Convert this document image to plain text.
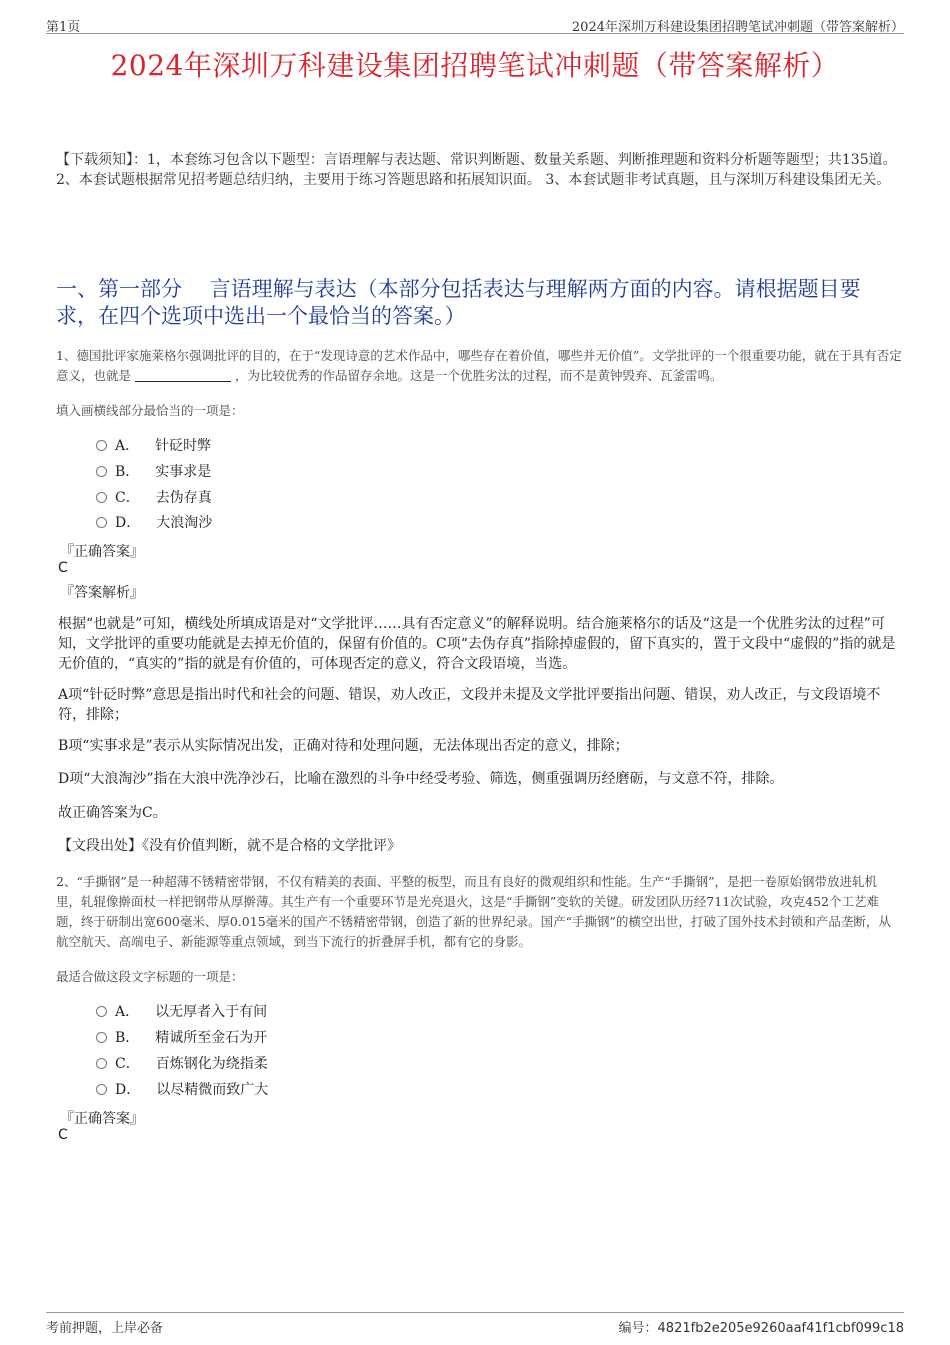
第1页	2024年深圳万科建设集团招聘笔试冲刺题（带答案解析）
2024年深圳万科建设集团招聘笔试冲刺题（带答案解析）
【下载须知】：1，本套练习包含以下题型：言语理解与表达题、常识判断题、数量关系题、判断推理题和资料分析题等题型；共135道。 2、本套试题根据常见招考题总结归纳，主要用于练习答题思路和拓展知识面。 3、本套试题非考试真题，且与深圳万科建设集团无关。
一、第一部分　 言语理解与表达（本部分包括表达与理解两方面的内容。请根据题目要求，在四个选项中选出一个最恰当的答案。）
1、德国批评家施莱格尔强调批评的目的，在于“发现诗意的艺术作品中，哪些存在着价值，哪些并无价值”。文学批评的一个很重要功能，就在于具有否定意义，也就是	，为比较优秀的作品留存余地。这是一个优胜劣汰的过程，而不是黄钟毁弃、瓦釜雷鸣。
填入画横线部分最恰当的一项是：
A． 针砭时弊
B． 实事求是
C． 去伪存真
D． 大浪淘沙
『正确答案』
C
『答案解析』
根据“也就是”可知，横线处所填成语是对“文学批评……具有否定意义”的解释说明。结合施莱格尔的话及“这是一个优胜劣汰的过程”可知，文学批评的重要功能就是去掉无价值的，保留有价值的。C项“去伪存真”指除掉虚假的，留下真实的，置于文段中“虚假的”指的就是无价值的，“真实的”指的就是有价值的，可体现否定的意义，符合文段语境，当选。
A项“针砭时弊”意思是指出时代和社会的问题、错误，劝人改正，文段并未提及文学批评要指出问题、错误，劝人改正，与文段语境不符，排除；
B项“实事求是”表示从实际情况出发，正确对待和处理问题，无法体现出否定的意义，排除；
D项“大浪淘沙”指在大浪中洗净沙石，比喻在激烈的斗争中经受考验、筛选，侧重强调历经磨砺，与文意不符，排除。
故正确答案为C。
【文段出处】《没有价值判断，就不是合格的文学批评》
2、“手撕钢”是一种超薄不锈精密带钢，不仅有精美的表面、平整的板型，而且有良好的微观组织和性能。生产“手撕钢”，是把一卷原始钢带放进轧机里，轧辊像擀面杖一样把钢带从厚擀薄。其生产有一个重要环节是光亮退火，这是“手撕钢”变软的关键。研发团队历经711次试验，攻克452个工艺难题，终于研制出宽600毫米、厚0.015毫米的国产不锈精密带钢，创造了新的世界纪录。国产“手撕钢”的横空出世，打破了国外技术封锁和产品垄断，从航空航天、高端电子、新能源等重点领域，到当下流行的折叠屏手机，都有它的身影。
最适合做这段文字标题的一项是：
A． 以无厚者入于有间
B． 精诚所至金石为开
C． 百炼钢化为绕指柔
D． 以尽精微而致广大
『正确答案』
C
考前押题，上岸必备	编号：4821fb2e205e9260aaf41f1cbf099c18
